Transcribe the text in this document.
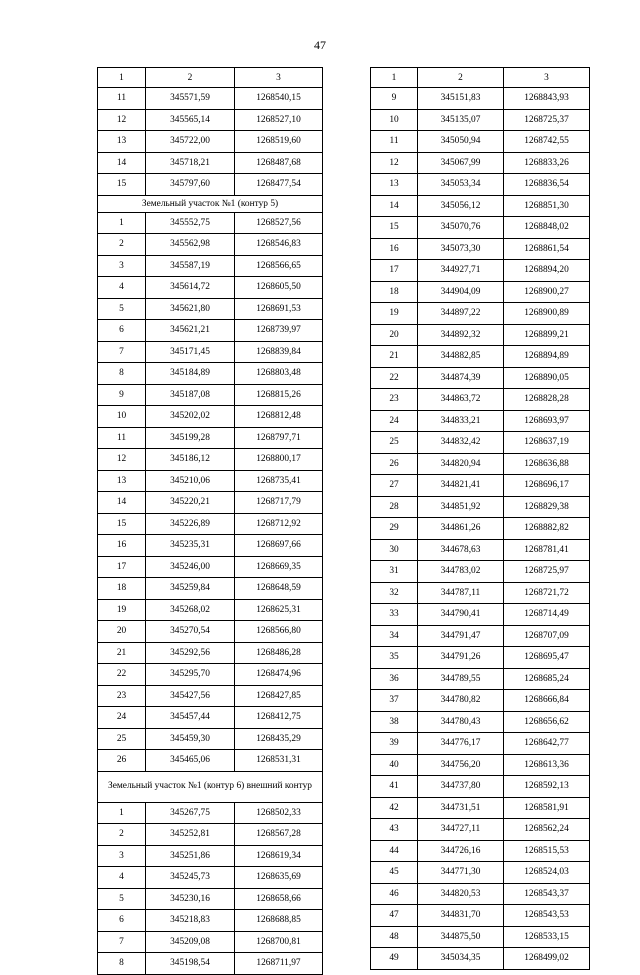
47
1	2	3
11	345571,59	1268540,15
12	345565,14	1268527,10
13	345722,00	1268519,60
14	345718,21	1268487,68
15	345797,60	1268477,54
Земельный участок №1 (контур 5)		
1	345552,75	1268527,56
2	345562,98	1268546,83
3	345587,19	1268566,65
4	345614,72	1268605,50
5	345621,80	1268691,53
6	345621,21	1268739,97
7	345171,45	1268839,84
8	345184,89	1268803,48
9	345187,08	1268815,26
10	345202,02	1268812,48
11	345199,28	1268797,71
12	345186,12	1268800,17
13	345210,06	1268735,41
14	345220,21	1268717,79
15	345226,89	1268712,92
16	345235,31	1268697,66
17	345246,00	1268669,35
18	345259,84	1268648,59
19	345268,02	1268625,31
20	345270,54	1268566,80
21	345292,56	1268486,28
22	345295,70	1268474,96
23	345427,56	1268427,85
24	345457,44	1268412,75
25	345459,30	1268435,29
26	345465,06	1268531,31
Земельный участок №1 (контур 6) внешний контур		
1	345267,75	1268502,33
2	345252,81	1268567,28
3	345251,86	1268619,34
4	345245,73	1268635,69
5	345230,16	1268658,66
6	345218,83	1268688,85
7	345209,08	1268700,81
8	345198,54	1268711,97
1	2	3
9	345151,83	1268843,93
10	345135,07	1268725,37
11	345050,94	1268742,55
12	345067,99	1268833,26
13	345053,34	1268836,54
14	345056,12	1268851,30
15	345070,76	1268848,02
16	345073,30	1268861,54
17	344927,71	1268894,20
18	344904,09	1268900,27
19	344897,22	1268900,89
20	344892,32	1268899,21
21	344882,85	1268894,89
22	344874,39	1268890,05
23	344863,72	1268828,28
24	344833,21	1268693,97
25	344832,42	1268637,19
26	344820,94	1268636,88
27	344821,41	1268696,17
28	344851,92	1268829,38
29	344861,26	1268882,82
30	344678,63	1268781,41
31	344783,02	1268725,97
32	344787,11	1268721,72
33	344790,41	1268714,49
34	344791,47	1268707,09
35	344791,26	1268695,47
36	344789,55	1268685,24
37	344780,82	1268666,84
38	344780,43	1268656,62
39	344776,17	1268642,77
40	344756,20	1268613,36
41	344737,80	1268592,13
42	344731,51	1268581,91
43	344727,11	1268562,24
44	344726,16	1268515,53
45	344771,30	1268524,03
46	344820,53	1268543,37
47	344831,70	1268543,53
48	344875,50	1268533,15
49	345034,35	1268499,02
